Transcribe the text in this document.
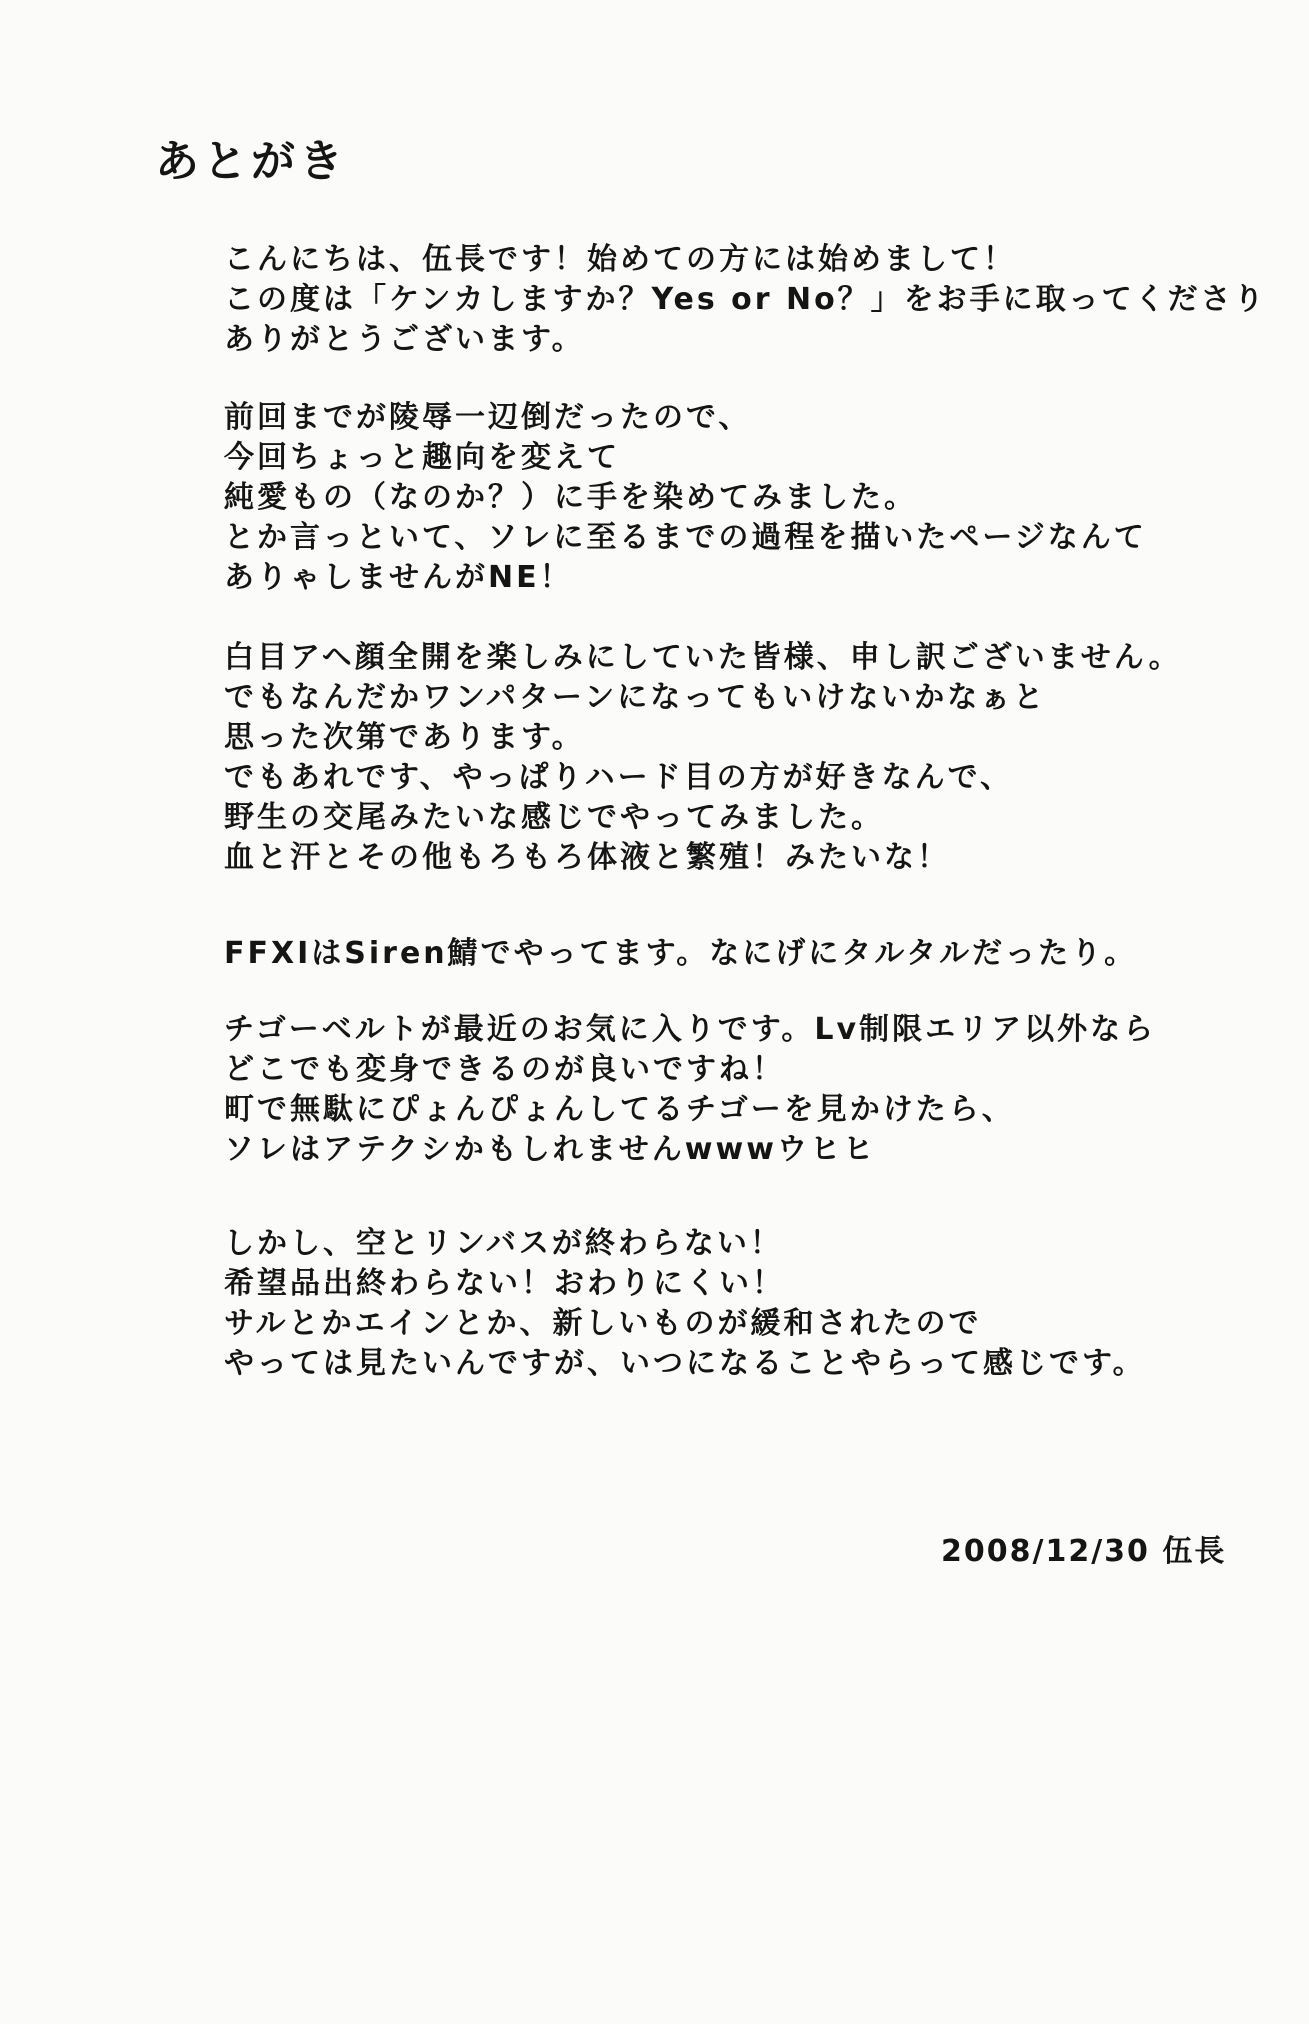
あとがき
こんにちは、伍長です！始めての方には始めまして！
この度は「ケンカしますか？Yes or No？」をお手に取ってくださり
ありがとうございます。
前回までが陵辱一辺倒だったので、
今回ちょっと趣向を変えて
純愛もの（なのか？）に手を染めてみました。
とか言っといて、ソレに至るまでの過程を描いたページなんて
ありゃしませんがNE！
白目アヘ顔全開を楽しみにしていた皆様、申し訳ございません。
でもなんだかワンパターンになってもいけないかなぁと
思った次第であります。
でもあれです、やっぱりハード目の方が好きなんで、
野生の交尾みたいな感じでやってみました。
血と汗とその他もろもろ体液と繁殖！みたいな！
FFXIはSiren鯖でやってます。なにげにタルタルだったり。
チゴーベルトが最近のお気に入りです。Lv制限エリア以外なら
どこでも変身できるのが良いですね！
町で無駄にぴょんぴょんしてるチゴーを見かけたら、
ソレはアテクシかもしれませんwwwウヒヒ
しかし、空とリンバスが終わらない！
希望品出終わらない！おわりにくい！
サルとかエインとか、新しいものが緩和されたので
やっては見たいんですが、いつになることやらって感じです。
2008/12/30 伍長
